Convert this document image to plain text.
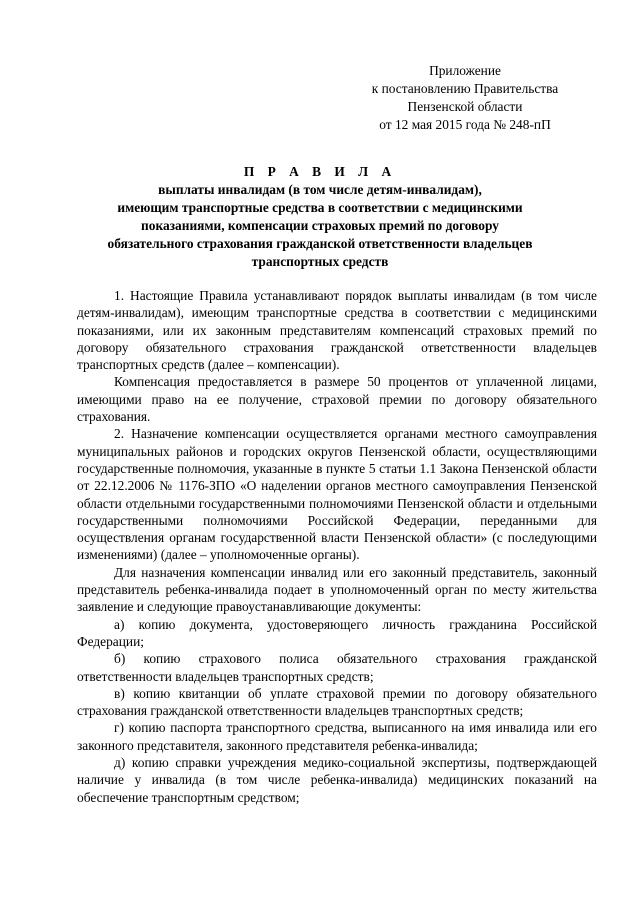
Приложение
к постановлению Правительства
Пензенской области
от 12 мая 2015 года № 248-пП
П Р А В И Л А
выплаты инвалидам (в том числе детям-инвалидам),
имеющим транспортные средства в соответствии с медицинскими
показаниями, компенсации страховых премий по договору
обязательного страхования гражданской ответственности владельцев
транспортных средств

1. Настоящие Правила устанавливают порядок выплаты инвалидам (в том числе детям-инвалидам), имеющим транспортные средства в соответствии с медицинскими показаниями, или их законным представителям компенсаций страховых премий по договору обязательного страхования гражданской ответственности владельцев транспортных средств (далее – компенсации).

Компенсация предоставляется в размере 50 процентов от уплаченной лицами, имеющими право на ее получение, страховой премии по договору обязательного страхования.

2. Назначение компенсации осуществляется органами местного самоуправления муниципальных районов и городских округов Пензенской области, осуществляющими государственные полномочия, указанные в пункте 5 статьи 1.1 Закона Пензенской области от 22.12.2006 № 1176-ЗПО «О наделении органов местного самоуправления Пензенской области отдельными государственными полномочиями Пензенской области и отдельными государственными полномочиями Российской Федерации, переданными для осуществления органам государственной власти Пензенской области» (с последующими изменениями) (далее – уполномоченные органы).

Для назначения компенсации инвалид или его законный представитель, законный представитель ребенка-инвалида подает в уполномоченный орган по месту жительства заявление и следующие правоустанавливающие документы:

а) копию документа, удостоверяющего личность гражданина Российской Федерации;

б) копию страхового полиса обязательного страхования гражданской ответственности владельцев транспортных средств;

в) копию квитанции об уплате страховой премии по договору обязательного страхования гражданской ответственности владельцев транспортных средств;

г) копию паспорта транспортного средства, выписанного на имя инвалида или его законного представителя, законного представителя ребенка-инвалида;

д) копию справки учреждения медико-социальной экспертизы, подтверждающей наличие у инвалида (в том числе ребенка-инвалида) медицинских показаний на обеспечение транспортным средством;
